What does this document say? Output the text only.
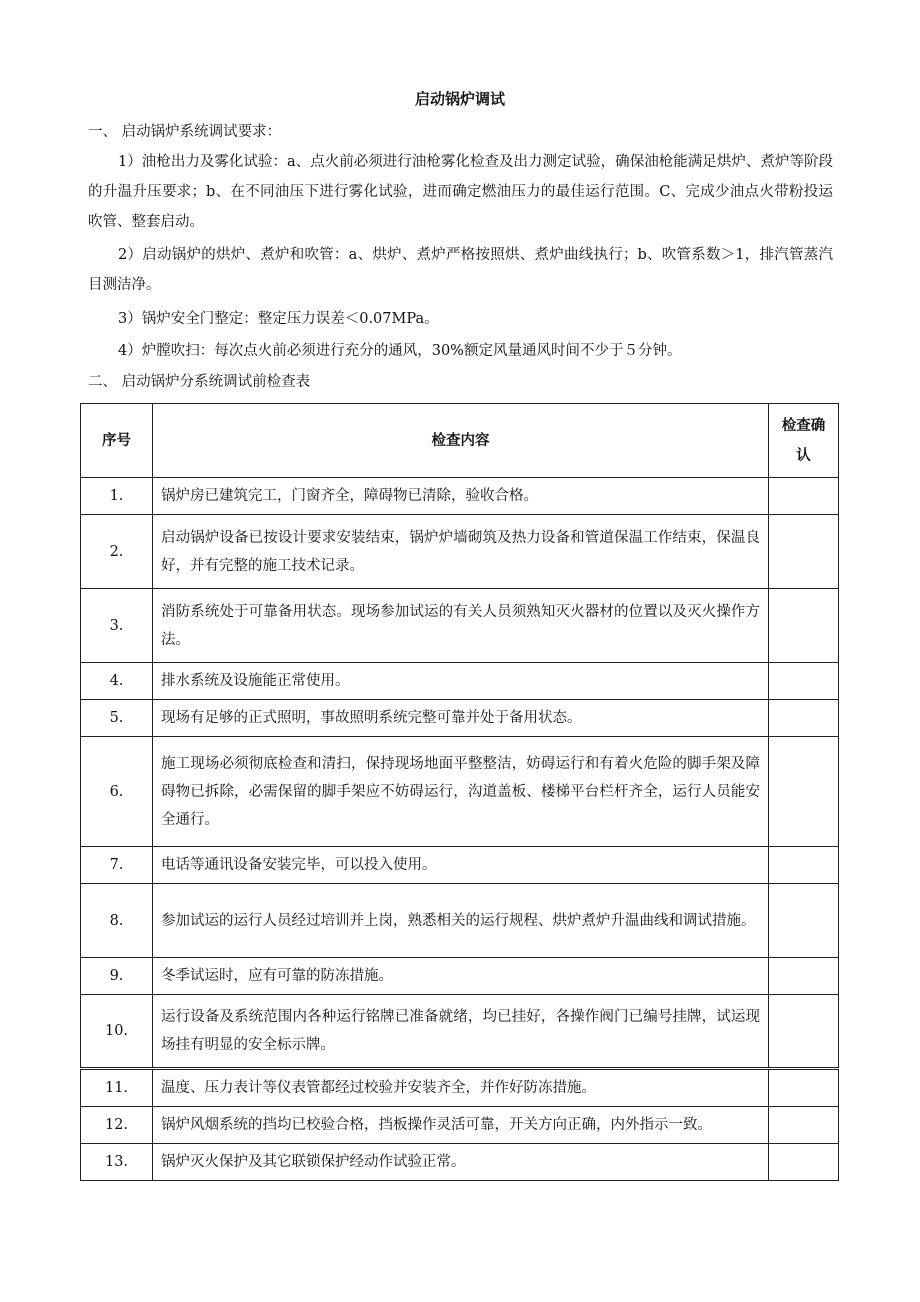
启动锅炉调试
一、 启动锅炉系统调试要求：
1）油枪出力及雾化试验：a、点火前必须进行油枪雾化检查及出力测定试验，确保油枪能满足烘炉、煮炉等阶段的升温升压要求；b、在不同油压下进行雾化试验，进而确定燃油压力的最佳运行范围。C、完成少油点火带粉投运吹管、整套启动。
2）启动锅炉的烘炉、煮炉和吹管：a、烘炉、煮炉严格按照烘、煮炉曲线执行；b、吹管系数＞1，排汽管蒸汽目测洁净。
3）锅炉安全门整定：整定压力误差＜0.07MPa。
4）炉膛吹扫：每次点火前必须进行充分的通风，30%额定风量通风时间不少于５分钟。
二、 启动锅炉分系统调试前检查表
序号	检查内容	检查确认
1.	锅炉房已建筑完工，门窗齐全，障碍物已清除，验收合格。	
2.	启动锅炉设备已按设计要求安装结束，锅炉炉墙砌筑及热力设备和管道保温工作结束，保温良好，并有完整的施工技术记录。	
3.	消防系统处于可靠备用状态。现场参加试运的有关人员须熟知灭火器材的位置以及灭火操作方法。	
4.	排水系统及设施能正常使用。	
5.	现场有足够的正式照明，事故照明系统完整可靠并处于备用状态。	
6.	施工现场必须彻底检查和清扫，保持现场地面平整整洁，妨碍运行和有着火危险的脚手架及障碍物已拆除，必需保留的脚手架应不妨碍运行，沟道盖板、楼梯平台栏杆齐全，运行人员能安全通行。	
7.	电话等通讯设备安装完毕，可以投入使用。	
8.	参加试运的运行人员经过培训并上岗，熟悉相关的运行规程、烘炉煮炉升温曲线和调试措施。	
9.	冬季试运时，应有可靠的防冻措施。	
10.	运行设备及系统范围内各种运行铭牌已准备就绪，均已挂好，各操作阀门已编号挂牌，试运现场挂有明显的安全标示牌。	
11.	温度、压力表计等仪表管都经过校验并安装齐全，并作好防冻措施。	
12.	锅炉风烟系统的挡均已校验合格，挡板操作灵活可靠，开关方向正确，内外指示一致。	
13.	锅炉灭火保护及其它联锁保护经动作试验正常。	
